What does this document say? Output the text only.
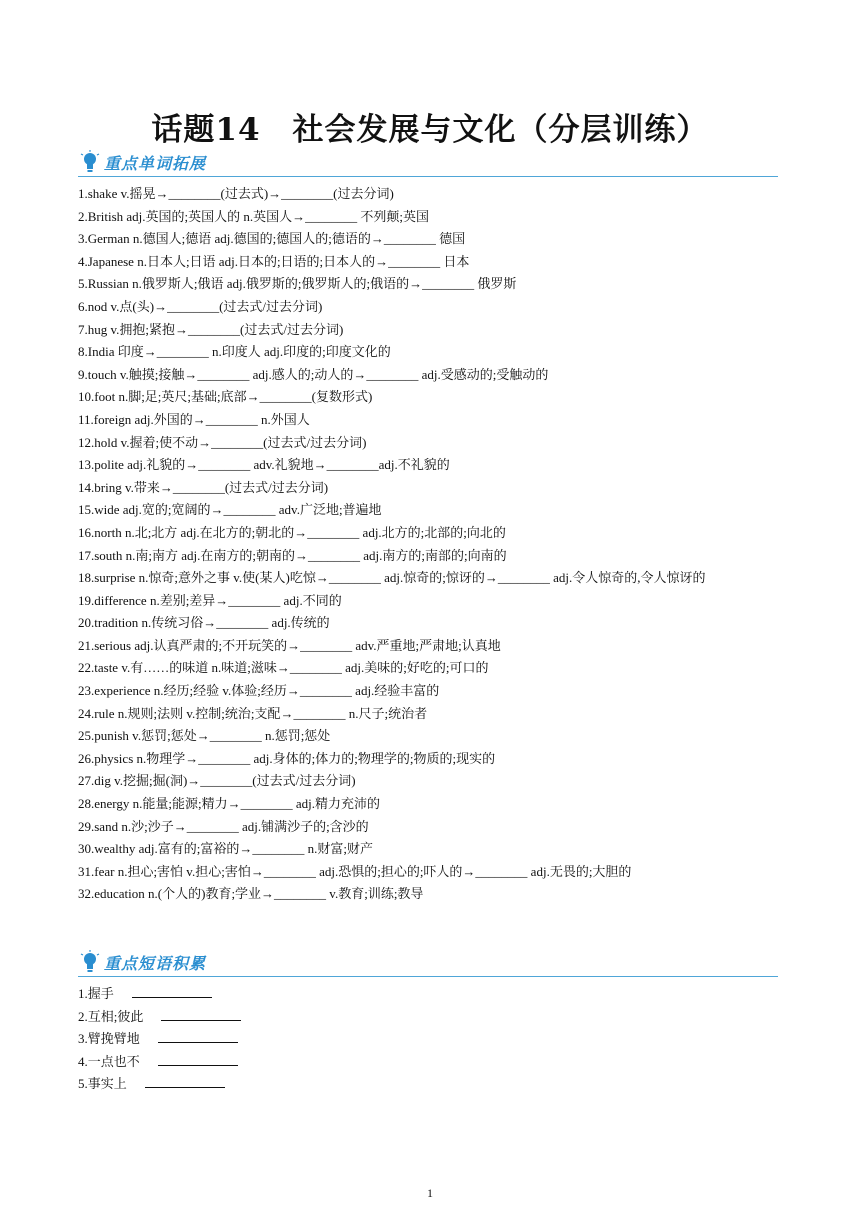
话题14　社会发展与文化（分层训练）
重点单词拓展
1.shake v.摇晃→________(过去式)→________(过去分词)
2.British adj.英国的;英国人的 n.英国人→________ 不列颠;英国
3.German n.德国人;德语 adj.德国的;德国人的;德语的→________ 德国
4.Japanese n.日本人;日语 adj.日本的;日语的;日本人的→________ 日本
5.Russian n.俄罗斯人;俄语 adj.俄罗斯的;俄罗斯人的;俄语的→________ 俄罗斯
6.nod v.点(头)→________(过去式/过去分词)
7.hug v.拥抱;紧抱→________(过去式/过去分词)
8.India 印度→________ n.印度人 adj.印度的;印度文化的
9.touch v.触摸;接触→________ adj.感人的;动人的→________ adj.受感动的;受触动的
10.foot n.脚;足;英尺;基础;底部→________(复数形式)
11.foreign adj.外国的→________ n.外国人
12.hold v.握着;使不动→________(过去式/过去分词)
13.polite adj.礼貌的→________ adv.礼貌地→________adj.不礼貌的
14.bring v.带来→________(过去式/过去分词)
15.wide adj.宽的;宽阔的→________ adv.广泛地;普遍地
16.north n.北;北方 adj.在北方的;朝北的→________ adj.北方的;北部的;向北的
17.south n.南;南方 adj.在南方的;朝南的→________ adj.南方的;南部的;向南的
18.surprise n.惊奇;意外之事 v.使(某人)吃惊→________ adj.惊奇的;惊讶的→________ adj.令人惊奇的,令人惊讶的
19.difference n.差别;差异→________ adj.不同的
20.tradition n.传统习俗→________ adj.传统的
21.serious adj.认真严肃的;不开玩笑的→________ adv.严重地;严肃地;认真地
22.taste v.有……的味道 n.味道;滋味→________ adj.美味的;好吃的;可口的
23.experience n.经历;经验 v.体验;经历→________ adj.经验丰富的
24.rule n.规则;法则 v.控制;统治;支配→________ n.尺子;统治者
25.punish v.惩罚;惩处→________ n.惩罚;惩处
26.physics n.物理学→________ adj.身体的;体力的;物理学的;物质的;现实的
27.dig v.挖掘;掘(洞)→________(过去式/过去分词)
28.energy n.能量;能源;精力→________ adj.精力充沛的
29.sand n.沙;沙子→________ adj.铺满沙子的;含沙的
30.wealthy adj.富有的;富裕的→________ n.财富;财产
31.fear n.担心;害怕 v.担心;害怕→________ adj.恐惧的;担心的;吓人的→________ adj.无畏的;大胆的
32.education n.(个人的)教育;学业→________ v.教育;训练;教导
重点短语积累
1.握手
2.互相;彼此
3.臂挽臂地
4.一点也不
5.事实上
1
